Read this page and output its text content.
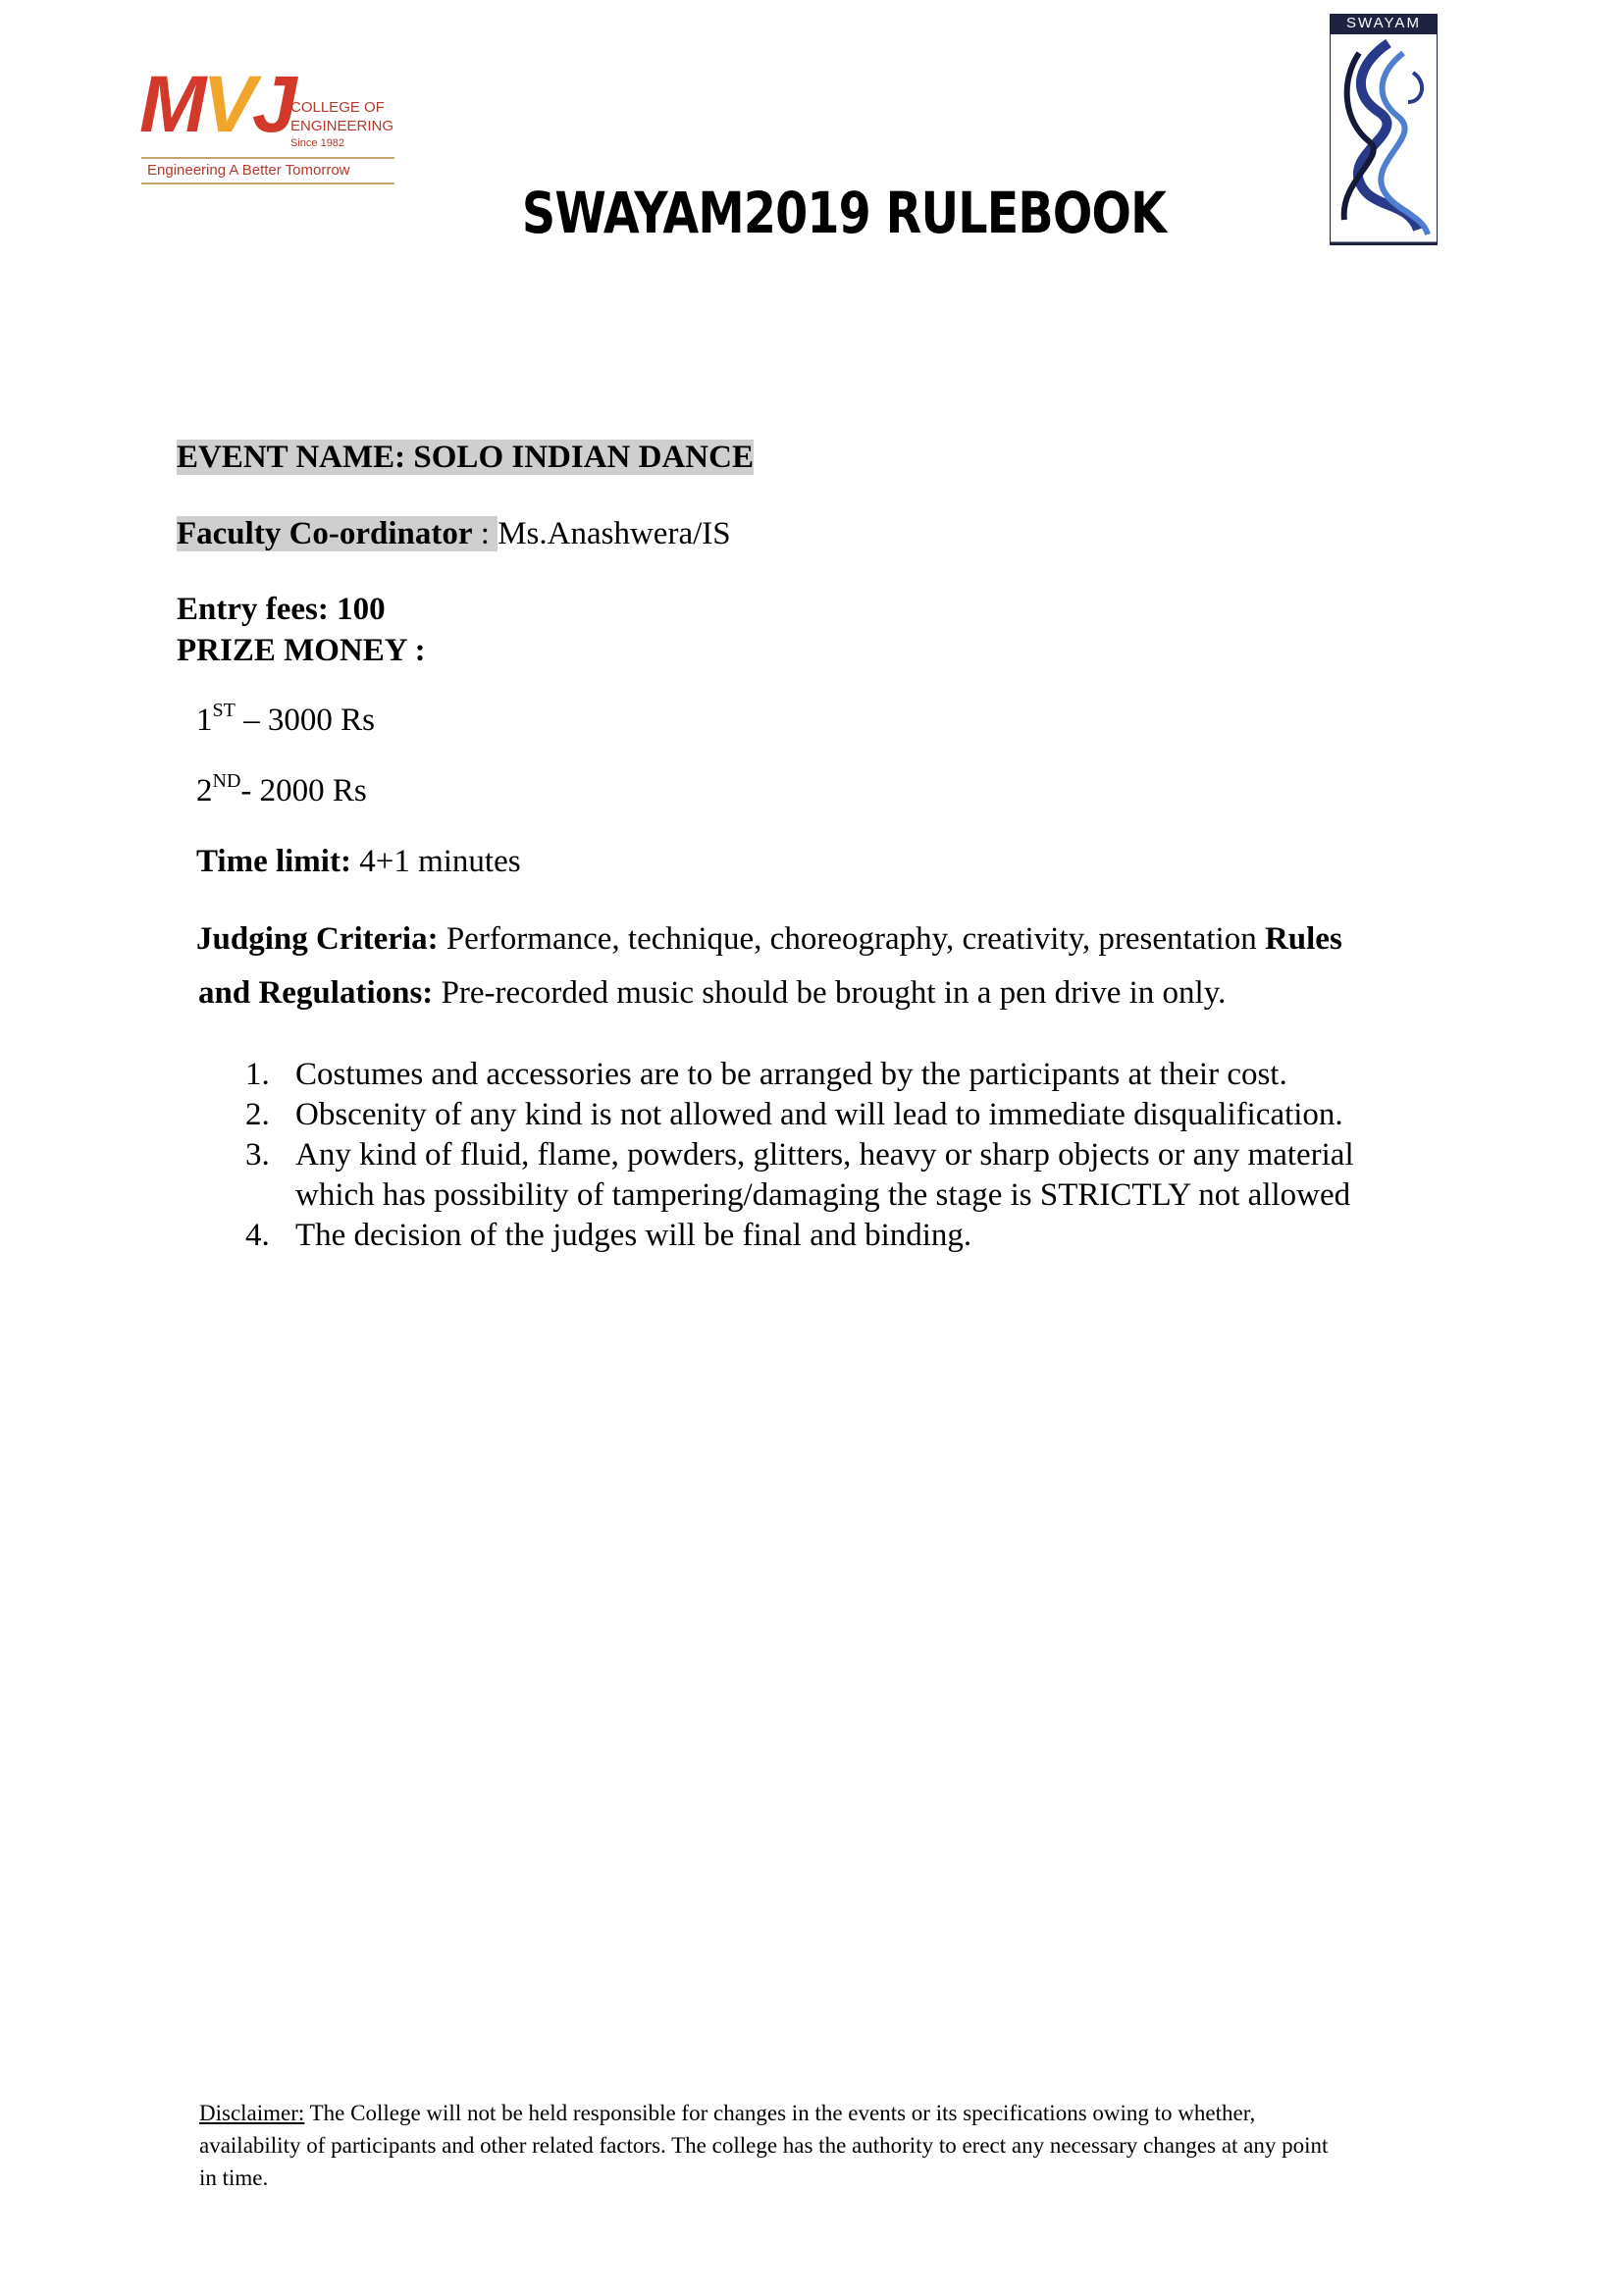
MVJ
COLLEGE OF
ENGINEERING
Since 1982
Engineering A Better Tomorrow
SWAYAM
SWAYAM2019 RULEBOOK
EVENT NAME: SOLO INDIAN DANCE
Faculty Co-ordinator : Ms.Anashwera/IS
Entry fees: 100
PRIZE MONEY :
1ST – 3000 Rs
2ND- 2000 Rs
Time limit: 4+1 minutes
Judging Criteria: Performance, technique, choreography, creativity, presentation Rules
and Regulations: Pre-recorded music should be brought in a pen drive in only.
1. Costumes and accessories are to be arranged by the participants at their cost.
2. Obscenity of any kind is not allowed and will lead to immediate disqualification.
3. Any kind of fluid, flame, powders, glitters, heavy or sharp objects or any material
which has possibility of tampering/damaging the stage is STRICTLY not allowed
4. The decision of the judges will be final and binding.
Disclaimer: The College will not be held responsible for changes in the events or its specifications owing to whether,
availability of participants and other related factors. The college has the authority to erect any necessary changes at any point
in time.
